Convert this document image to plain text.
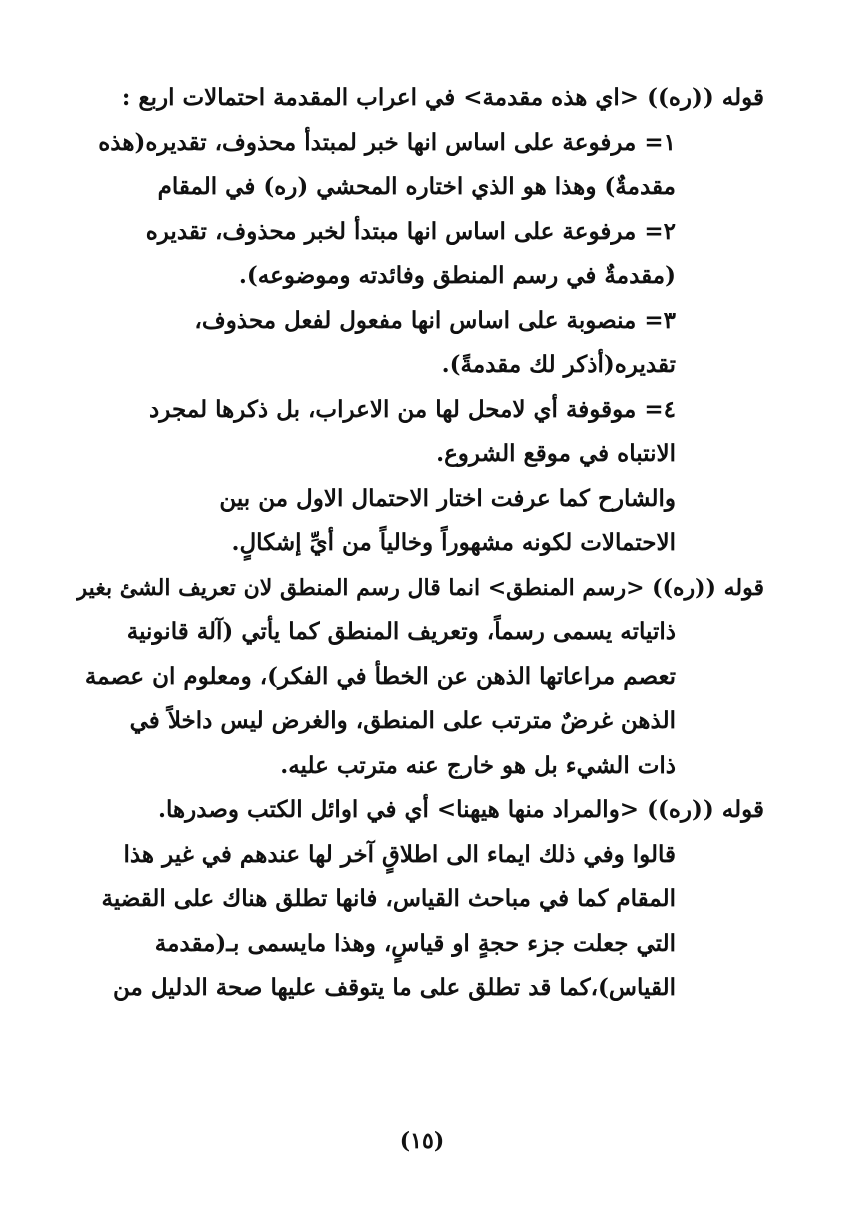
قوله ((ره)) <اي هذه مقدمة> في اعراب المقدمة احتمالات اربع :
١= مرفوعة على اساس انها خبر لمبتدأ محذوف، تقديره(هذه
مقدمةٌ) وهذا هو الذي اختاره المحشي (ره) في المقام
٢= مرفوعة على اساس انها مبتدأ لخبر محذوف، تقديره
(مقدمةٌ في رسم المنطق وفائدته وموضوعه).
٣= منصوبة على اساس انها مفعول لفعل محذوف،
تقديره(أذكر لك مقدمةً).
٤= موقوفة أي لامحل لها من الاعراب، بل ذكرها لمجرد
الانتباه في موقع الشروع.
والشارح كما عرفت اختار الاحتمال الاول من بين
الاحتمالات لكونه مشهوراً وخالياً من أيِّ إشكالٍ.
قوله ((ره)) <رسم المنطق> انما قال رسم المنطق لان تعريف الشئ بغير
ذاتياته يسمى رسماً، وتعريف المنطق كما يأتي (آلة قانونية
تعصم مراعاتها الذهن عن الخطأ في الفكر)، ومعلوم ان عصمة
الذهن غرضٌ مترتب على المنطق، والغرض ليس داخلاً في
ذات الشيء بل هو خارج عنه مترتب عليه.
قوله ((ره)) <والمراد منها هيهنا> أي في اوائل الكتب وصدرها.
قالوا وفي ذلك ايماء الى اطلاقٍ آخر لها عندهم في غير هذا
المقام كما في مباحث القياس، فانها تطلق هناك على القضية
التي جعلت جزء حجةٍ او قياسٍ، وهذا مايسمى بـ(مقدمة
القياس)،كما قد تطلق على ما يتوقف عليها صحة الدليل من
(١٥)
